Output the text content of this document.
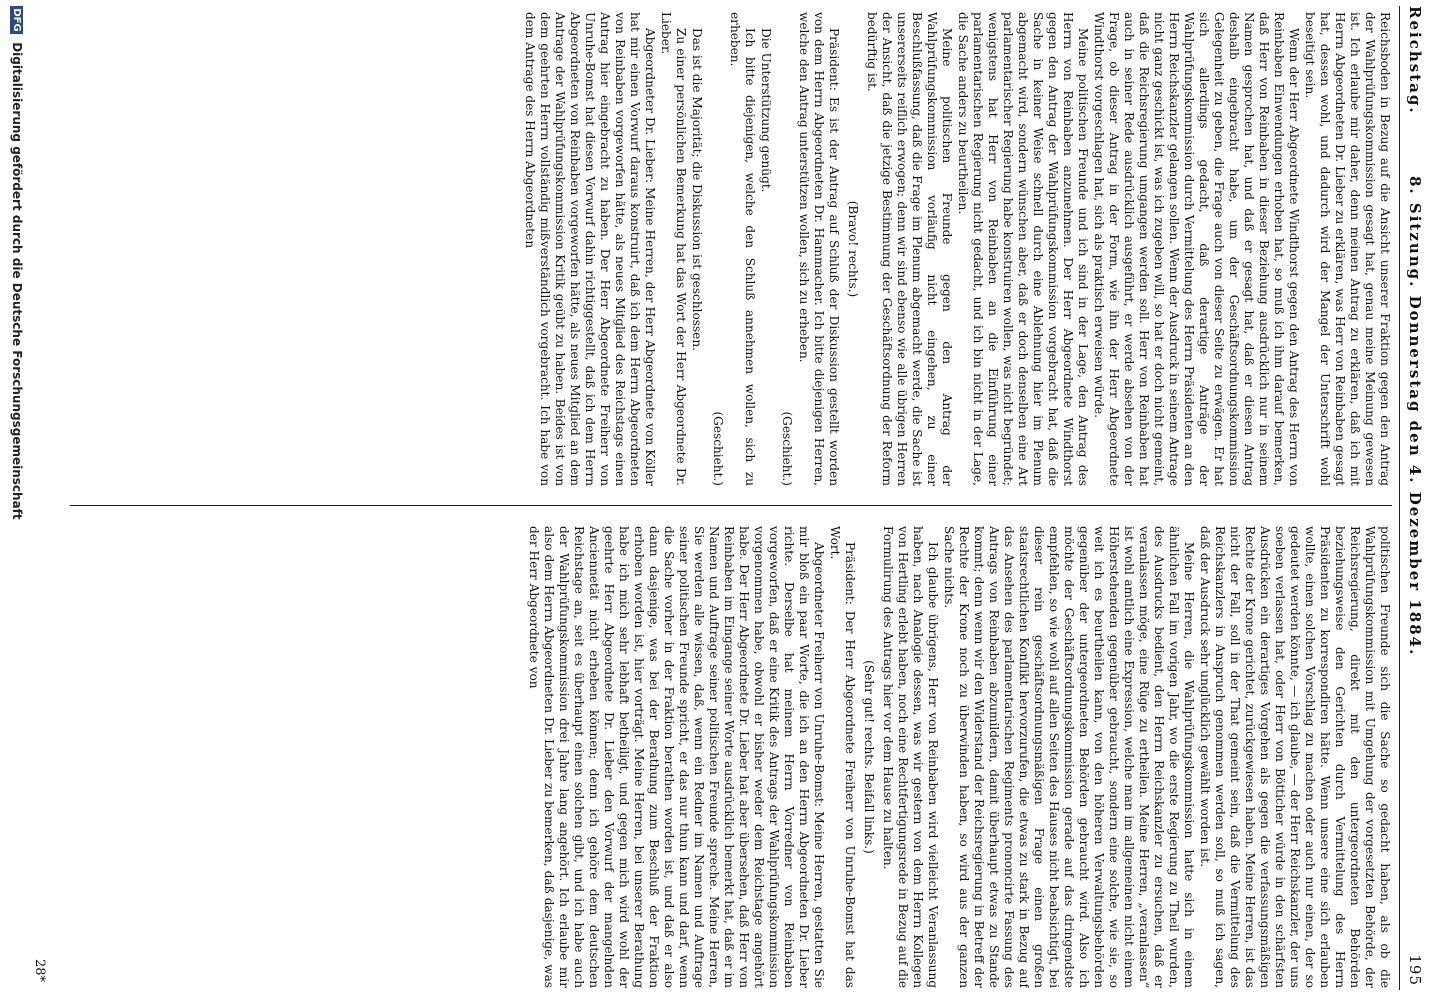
Reichstag.
8. Sitzung. Donnerstag den 4. Dezember 1884.
195

Reichsboden in Bezug auf die Ansicht unserer Fraktion gegen den Antrag der Wahlprüfungskommission gesagt hat, genau meine Meinung gewesen ist. Ich erlaube mir daher, denn meinen Antrag zu erklären, daß ich mit Herrn Abgeordneten Dr. Lieber zu erklären, was Herr von Reinbaben gesagt hat, dessen wohl, und dadurch wird der Mangel der Unterschrift wohl beseitigt sein.

Wenn der Herr Abgeordnete Windthorst gegen den Antrag des Herrn von Reinbaben Einwendungen erhoben hat, so muß ich ihm darauf bemerken, daß Herr von Reinbaben in dieser Beziehung ausdrücklich nur in seinem Namen gesprochen hat, und daß er gesagt hat, daß er diesen Antrag deshalb eingebracht habe, um der Geschäftsordnungskommission Gelegenheit zu geben, die Frage auch von dieser Seite zu erwägen. Er hat sich allerdings gedacht, daß derartige Anträge der Wahlprüfungskommission durch Vermittelung des Herrn Präsidenten an den Herrn Reichskanzler gelangen sollen. Wenn der Ausdruck in seinem Antrage nicht ganz geschickt ist, was ich zugeben will, so hat er doch nicht gemeint, daß die Reichsregierung umgangen werden soll. Herr von Reinbaben hat auch in seiner Rede ausdrücklich ausgeführt, er werde absehen von der Frage, ob dieser Antrag in der Form, wie ihn der Herr Abgeordnete Windthorst vorgeschlagen hat, sich als praktisch erweisen würde.

Meine politischen Freunde und ich sind in der Lage, den Antrag des Herrn von Reinbaben anzunehmen. Der Herr Abgeordnete Windthorst gegen den Antrag der Wahlprüfungskommission vorgebracht hat, daß die Sache in keiner Weise schnell durch eine Ablehnung hier im Plenum abgemacht wird, sondern wünschen aber, daß er doch denselben eine Art parlamentarischer Regierung habe konstruiren wollen, was nicht begründet; wenigstens hat Herr von Reinbaben an die Einführung einer parlamentarischen Regierung nicht gedacht, und ich bin nicht in der Lage, die Sache anders zu beurtheilen.

Meine politischen Freunde gegen den Antrag der Wahlprüfungskommission vorläufig nicht eingehen, zu einer Beschlußfassung, daß die Frage im Plenum abgemacht werde, die Sache ist unsererseits reiflich erwogen; denn wir sind ebenso wie alle übrigen Herren der Ansicht, daß die jetzige Bestimmung der Geschäftsordnung der Reform bedürftig ist.

(Bravo! rechts.)

Präsident: Es ist der Antrag auf Schluß der Diskussion gestellt worden von dem Herrn Abgeordneten Dr. Hammacher. Ich bitte diejenigen Herren, welche den Antrag unterstützen wollen, sich zu erheben.

(Geschieht.)

Die Unterstützung genügt.

Ich bitte diejenigen, welche den Schluß annehmen wollen, sich zu erheben.

(Geschieht.)

Das ist die Majorität; die Diskussion ist geschlossen.

Zu einer persönlichen Bemerkung hat das Wort der Herr Abgeordnete Dr. Lieber.

Abgeordneter Dr. Lieber: Meine Herren, der Herr Abgeordnete von Köller hat mir einen Vorwurf daraus konstruirt, daß ich dem Herrn Abgeordneten von Reinbaben vorgeworfen hätte, als neues Mitglied des Reichstags einen Antrag hier eingebracht zu haben. Der Herr Abgeordnete Freiherr von Unruhe-Bomst hat diesen Vorwurf dahin richtiggestellt, daß ich dem Herrn Abgeordneten von Reinbaben vorgeworfen hätte, als neues Mitglied an dem Antrage der Wahlprüfungskommission Kritik geübt zu haben. Beides ist von dem geehrten Herrn vollständig mißverständlich vorgebracht. Ich habe von dem Antrage des Herrn Abgeordneten

politischen Freunde sich die Sache so gedacht haben, als ob die Wahlprüfungskommission mit Umgehung der vorgesetzten Behörde, der Reichsregierung, direkt mit den untergeordneten Behörden beziehungsweise den Gerichten durch Vermittelung des Herrn Präsidenten zu korrespondiren hätte. Wenn unsere eine sich erlauben wollte, einen solchen Vorschlag zu machen oder auch nur einen, der so gedeutet werden könnte, — ich glaube, — der Herr Reichskanzler, der uns soeben verlassen hat, oder Herr von Bötticher würde in den schärfsten Ausdrücken ein derartiges Vorgehen als gegen die verfassungsmäßigen Rechte der Krone gerichtet, zurückgewiesen haben. Meine Herren, ist das nicht der Fall, soll in der That gemeint sein, daß die Vermittelung des Reichskanzlers in Anspruch genommen werden soll, so muß ich sagen, daß der Ausdruck sehr unglücklich gewählt worden ist.

Meine Herren, die Wahlprüfungskommission hatte sich in einem ähnlichen Fall im vorigen Jahr, wo die erste Regierung zu Theil wurden, des Ausdrucks bedient, den Herrn Reichskanzler zu ersuchen, daß er veranlassen möge, eine Rüge zu ertheilen. Meine Herren, „veranlassen“ ist wohl amtlich eine Expression, welche man im allgemeinen nicht einem Höherstehenden gegenüber gebraucht, sondern eine solche, wie sie, so weit ich es beurtheilen kann, von den höheren Verwaltungsbehörden gegenüber der untergeordneten Behörden gebraucht wird. Also ich möchte der Geschäftsordnungskommission gerade auf das dringendste empfehlen, so wie wohl auf allen Seiten des Hauses nicht beabsichtigt, bei dieser rein geschäftsordnungsmäßigen Frage einen großen staatsrechtlichen Konflikt hervorzurufen, die etwas zu stark in Bezug auf das Ansehen des parlamentarischen Regiments prononcirte Fassung des Antrags von Reinbaben abzumildern, damit überhaupt etwas zu Stande kommt; denn wenn wir den Widerstand der Reichsregierung in Betreff der Rechte der Krone noch zu überwinden haben, so wird aus der ganzen Sache nichts.

Ich glaube übrigens, Herr von Reinbaben wird vielleicht Veranlassung haben, nach Analogie dessen, was wir gestern von dem Herrn Kollegen von Hertling erlebt haben, noch eine Rechtfertigungsrede in Bezug auf die Formulirung des Antrags hier vor dem Hause zu halten.

(Sehr gut! rechts. Beifall links.)

Präsident: Der Herr Abgeordnete Freiherr von Unruhe-Bomst hat das Wort.

Abgeordneter Freiherr von Unruhe-Bomst: Meine Herren, gestatten Sie mir bloß ein paar Worte, die ich an den Herrn Abgeordneten Dr. Lieber richte. Derselbe hat meinem Herrn Vorredner von Reinbaben vorgeworfen, daß er eine Kritik des Antrags der Wahlprüfungskommission vorgenommen habe, obwohl er bisher weder dem Reichstage angehört habe. Der Herr Abgeordnete Dr. Lieber hat aber übersehen, daß Herr von Reinbaben im Eingange seiner Worte ausdrücklich bemerkt hat, daß er im Namen und Auftrage seiner politischen Freunde spreche. Meine Herren, Sie werden alle wissen, daß, wenn ein Redner im Namen und Auftrage seiner politischen Freunde spricht, er das nur thun kann und darf, wenn die Sache vorher in der Fraktion berathen worden ist, und daß er also dann dasjenige, was bei der Berathung zum Beschluß der Fraktion erhoben worden ist, hier vorträgt. Meine Herren, bei unserer Berathung habe ich mich sehr lebhaft betheiligt, und gegen mich wird wohl der geehrte Herr Abgeordnete Dr. Lieber den Vorwurf der mangelnden Anciennetät nicht erheben können; denn ich gehöre dem deutschen Reichstage an, seit es überhaupt einen solchen gibt, und ich habe auch der Wahlprüfungskommission drei Jahre lang angehört. Ich erlaube mir also dem Herrn Abgeordneten Dr. Lieber zu bemerken, daß dasjenige, was der Herr Abgeordnete von

28*
DFG Digitalisierung gefördert durch die Deutsche Forschungsgemeinschaft
